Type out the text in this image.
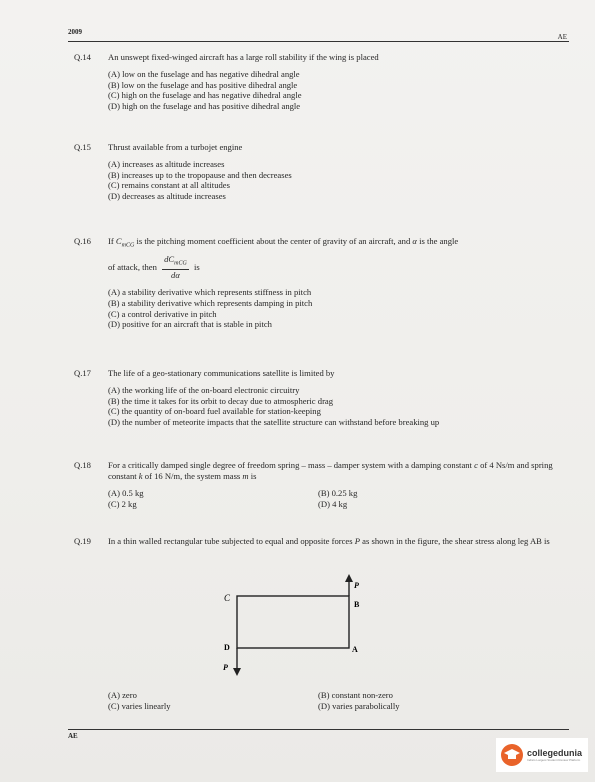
2009
AE
Q.14 An unswept fixed-winged aircraft has a large roll stability if the wing is placed
(A) low on the fuselage and has negative dihedral angle
(B) low on the fuselage and has positive dihedral angle
(C) high on the fuselage and has negative dihedral angle
(D) high on the fuselage and has positive dihedral angle
Q.15 Thrust available from a turbojet engine
(A) increases as altitude increases
(B) increases up to the tropopause and then decreases
(C) remains constant at all altitudes
(D) decreases as altitude increases
Q.16 If $C_{mCG}$ is the pitching moment coefficient about the center of gravity of an aircraft, and α is the angle
of attack, then $\frac{dC_{mCG}}{d\alpha}$ is
(A) a stability derivative which represents stiffness in pitch
(B) a stability derivative which represents damping in pitch
(C) a control derivative in pitch
(D) positive for an aircraft that is stable in pitch
Q.17 The life of a geo-stationary communications satellite is limited by
(A) the working life of the on-board electronic circuitry
(B) the time it takes for its orbit to decay due to atmospheric drag
(C) the quantity of on-board fuel available for station-keeping
(D) the number of meteorite impacts that the satellite structure can withstand before breaking up
Q.18 For a critically damped single degree of freedom spring – mass – damper system with a damping constant c of 4 Ns/m and spring constant k of 16 N/m, the system mass m is
(A) 0.5 kg	(B) 0.25 kg
(C) 2 kg	(D) 4 kg
Q.19 In a thin walled rectangular tube subjected to equal and opposite forces P as shown in the figure, the shear stress along leg AB is
C
B
P
D	A
P
(A) zero	(B) constant non-zero
(C) varies linearly	(D) varies parabolically
AE
collegedunia
India's Largest Student Review Platform
